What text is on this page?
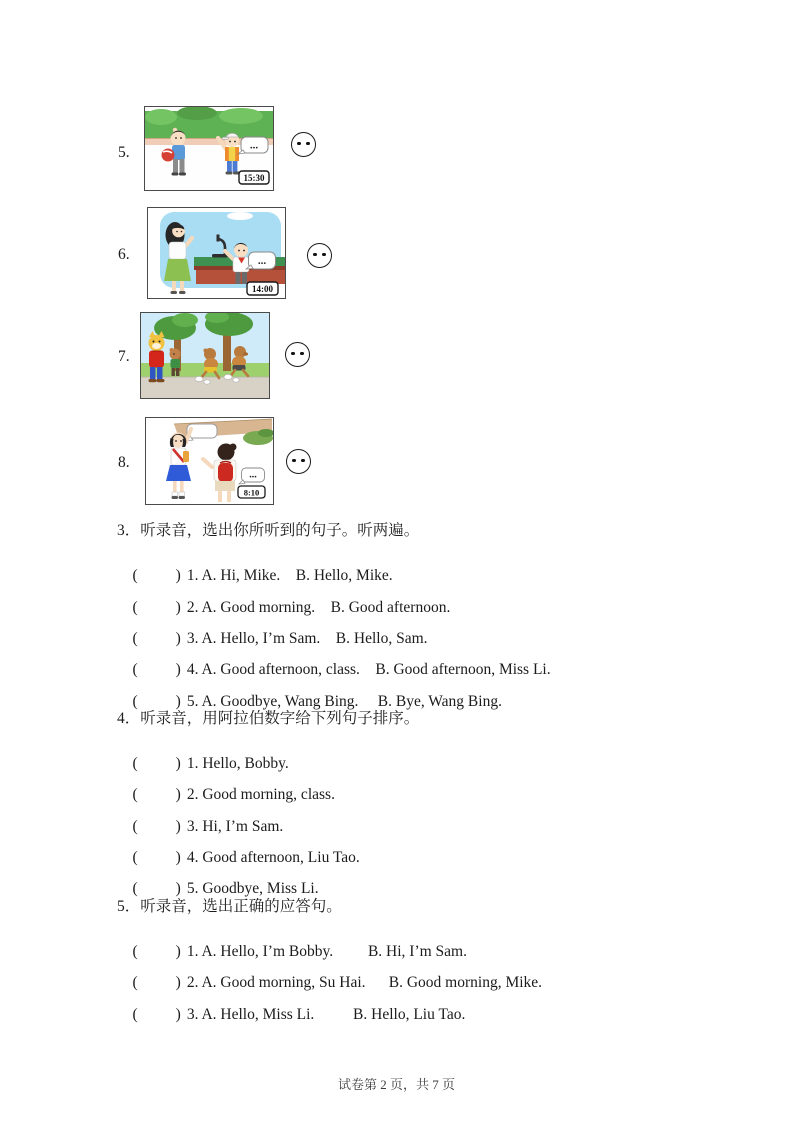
5.	...
15:30
6.	...
14:00
7.
8.
...
8:10
3．听录音，选出你所听到的句子。听两遍。

( ) 1. A. Hi, Mike.    B. Hello, Mike.

( ) 2. A. Good morning.    B. Good afternoon.

( ) 3. A. Hello, I’m Sam.    B. Hello, Sam.

( ) 4. A. Good afternoon, class.    B. Good afternoon, Miss Li.

( ) 5. A. Goodbye, Wang Bing.     B. Bye, Wang Bing.

4．听录音，用阿拉伯数字给下列句子排序。

( ) 1. Hello, Bobby.

( ) 2. Good morning, class.

( ) 3. Hi, I’m Sam.

( ) 4. Good afternoon, Liu Tao.

( ) 5. Goodbye, Miss Li.

5．听录音，选出正确的应答句。

( ) 1. A. Hello, I’m Bobby.         B. Hi, I’m Sam.

( ) 2. A. Good morning, Su Hai.      B. Good morning, Mike.

( ) 3. A. Hello, Miss Li.          B. Hello, Liu Tao.

试卷第 2 页，共 7 页
